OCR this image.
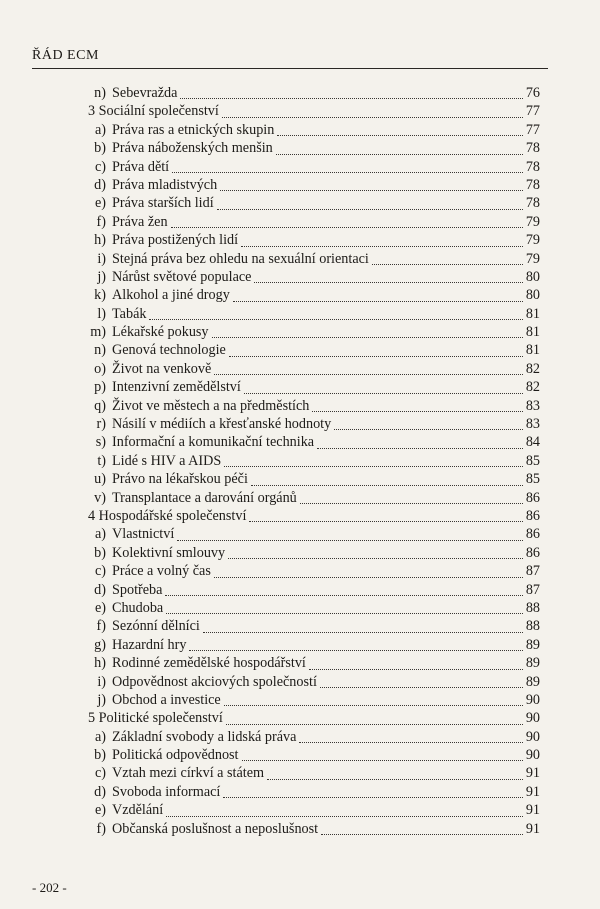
ŘÁD ECM
n) Sebevražda	76
3 Sociální společenství	77
a) Práva ras a etnických skupin	77
b) Práva náboženských menšin	78
c) Práva dětí	78
d) Práva mladistvých	78
e) Práva starších lidí	78
f) Práva žen	79
h) Práva postižených lidí	79
i) Stejná práva bez ohledu na sexuální orientaci	79
j) Nárůst světové populace	80
k) Alkohol a jiné drogy	80
l) Tabák	81
m) Lékařské pokusy	81
n) Genová technologie	81
o) Život na venkově	82
p) Intenzivní zemědělství	82
q) Život ve městech a na předměstích	83
r) Násilí v médiích a křesťanské hodnoty	83
s) Informační a komunikační technika	84
t) Lidé s HIV a AIDS	85
u) Právo na lékařskou péči	85
v) Transplantace a darování orgánů	86
4 Hospodářské společenství	86
a) Vlastnictví	86
b) Kolektivní smlouvy	86
c) Práce a volný čas	87
d) Spotřeba	87
e) Chudoba	88
f) Sezónní dělníci	88
g) Hazardní hry	89
h) Rodinné zemědělské hospodářství	89
i) Odpovědnost akciových společností	89
j) Obchod a investice	90
5 Politické společenství	90
a) Základní svobody a lidská práva	90
b) Politická odpovědnost	90
c) Vztah mezi církví a státem	91
d) Svoboda informací	91
e) Vzdělání	91
f) Občanská poslušnost a neposlušnost	91
- 202 -
